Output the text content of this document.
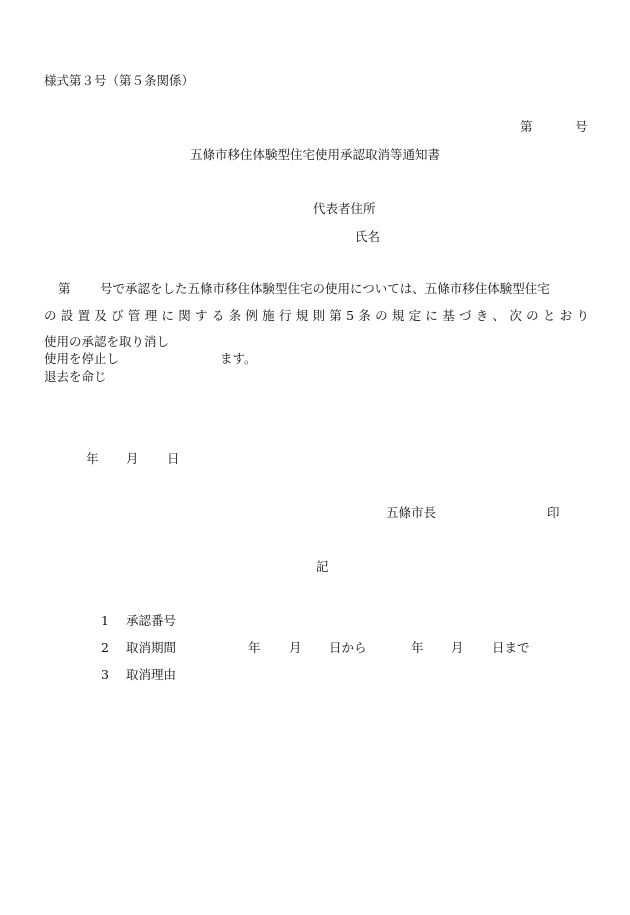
様式第３号（第５条関係）
第	号
五條市移住体験型住宅使用承認取消等通知書
代表者住所
氏名
第 号で承認をした五條市移住体験型住宅の使用については、五條市移住体験型住宅
の 設 置 及 び 管 理 に 関 す る 条 例 施 行 規 則 第 5 条 の 規 定 に 基 づ き 、 次 の と お り
使用の承認を取り消し
使用を停止し	ます。
退去を命じ
年 月 日
五條市長	印
記
1 承認番号
2 取消期間	年 月 日から	年 月 日まで
3 取消理由
